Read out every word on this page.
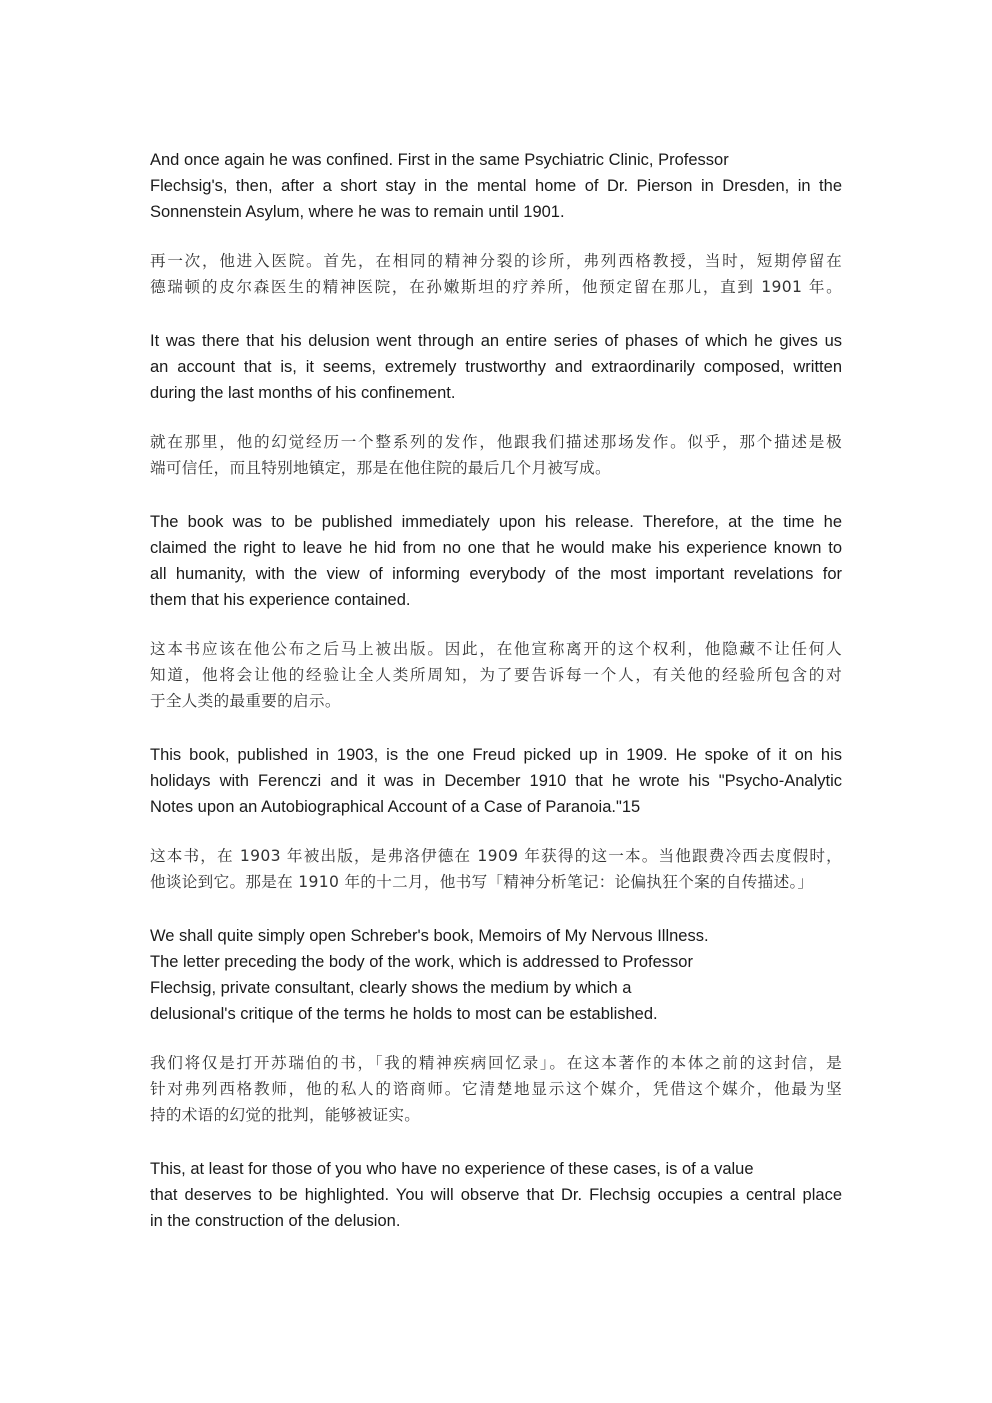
And once again he was confined. First in the same Psychiatric Clinic, Professor
Flechsig's, then, after a short stay in the mental home of Dr. Pierson in Dresden, in the
Sonnenstein Asylum, where he was to remain until 1901.

再一次，他进入医院。首先，在相同的精神分裂的诊所，弗列西格教授，当时，短期停留在
德瑞顿的皮尔森医生的精神医院，在孙嫩斯坦的疗养所，他预定留在那儿，直到 1901 年。

It was there that his delusion went through an entire series of phases of which he gives us
an account that is, it seems, extremely trustworthy and extraordinarily composed, written
during the last months of his confinement.

就在那里，他的幻觉经历一个整系列的发作，他跟我们描述那场发作。似乎，那个描述是极
端可信任，而且特别地镇定，那是在他住院的最后几个月被写成。

The book was to be published immediately upon his release. Therefore, at the time he
claimed the right to leave he hid from no one that he would make his experience known to
all humanity, with the view of informing everybody of the most important revelations for
them that his experience contained.

这本书应该在他公布之后马上被出版。因此，在他宣称离开的这个权利，他隐藏不让任何人
知道，他将会让他的经验让全人类所周知，为了要告诉每一个人，有关他的经验所包含的对
于全人类的最重要的启示。

This book, published in 1903, is the one Freud picked up in 1909. He spoke of it on his
holidays with Ferenczi and it was in December 1910 that he wrote his "Psycho-Analytic
Notes upon an Autobiographical Account of a Case of Paranoia."15

这本书，在 1903 年被出版，是弗洛伊德在 1909 年获得的这一本。当他跟费冷西去度假时，
他谈论到它。那是在 1910 年的十二月，他书写「精神分析笔记：论偏执狂个案的自传描述。」

We shall quite simply open Schreber's book, Memoirs of My Nervous Illness.
The letter preceding the body of the work, which is addressed to Professor
Flechsig, private consultant, clearly shows the medium by which a
delusional's critique of the terms he holds to most can be established.

我们将仅是打开苏瑞伯的书，「我的精神疾病回忆录」。在这本著作的本体之前的这封信，是
针对弗列西格教师，他的私人的谘商师。它清楚地显示这个媒介，凭借这个媒介，他最为坚
持的术语的幻觉的批判，能够被证实。

This, at least for those of you who have no experience of these cases, is of a value
that deserves to be highlighted. You will observe that Dr. Flechsig occupies a central place
in the construction of the delusion.
